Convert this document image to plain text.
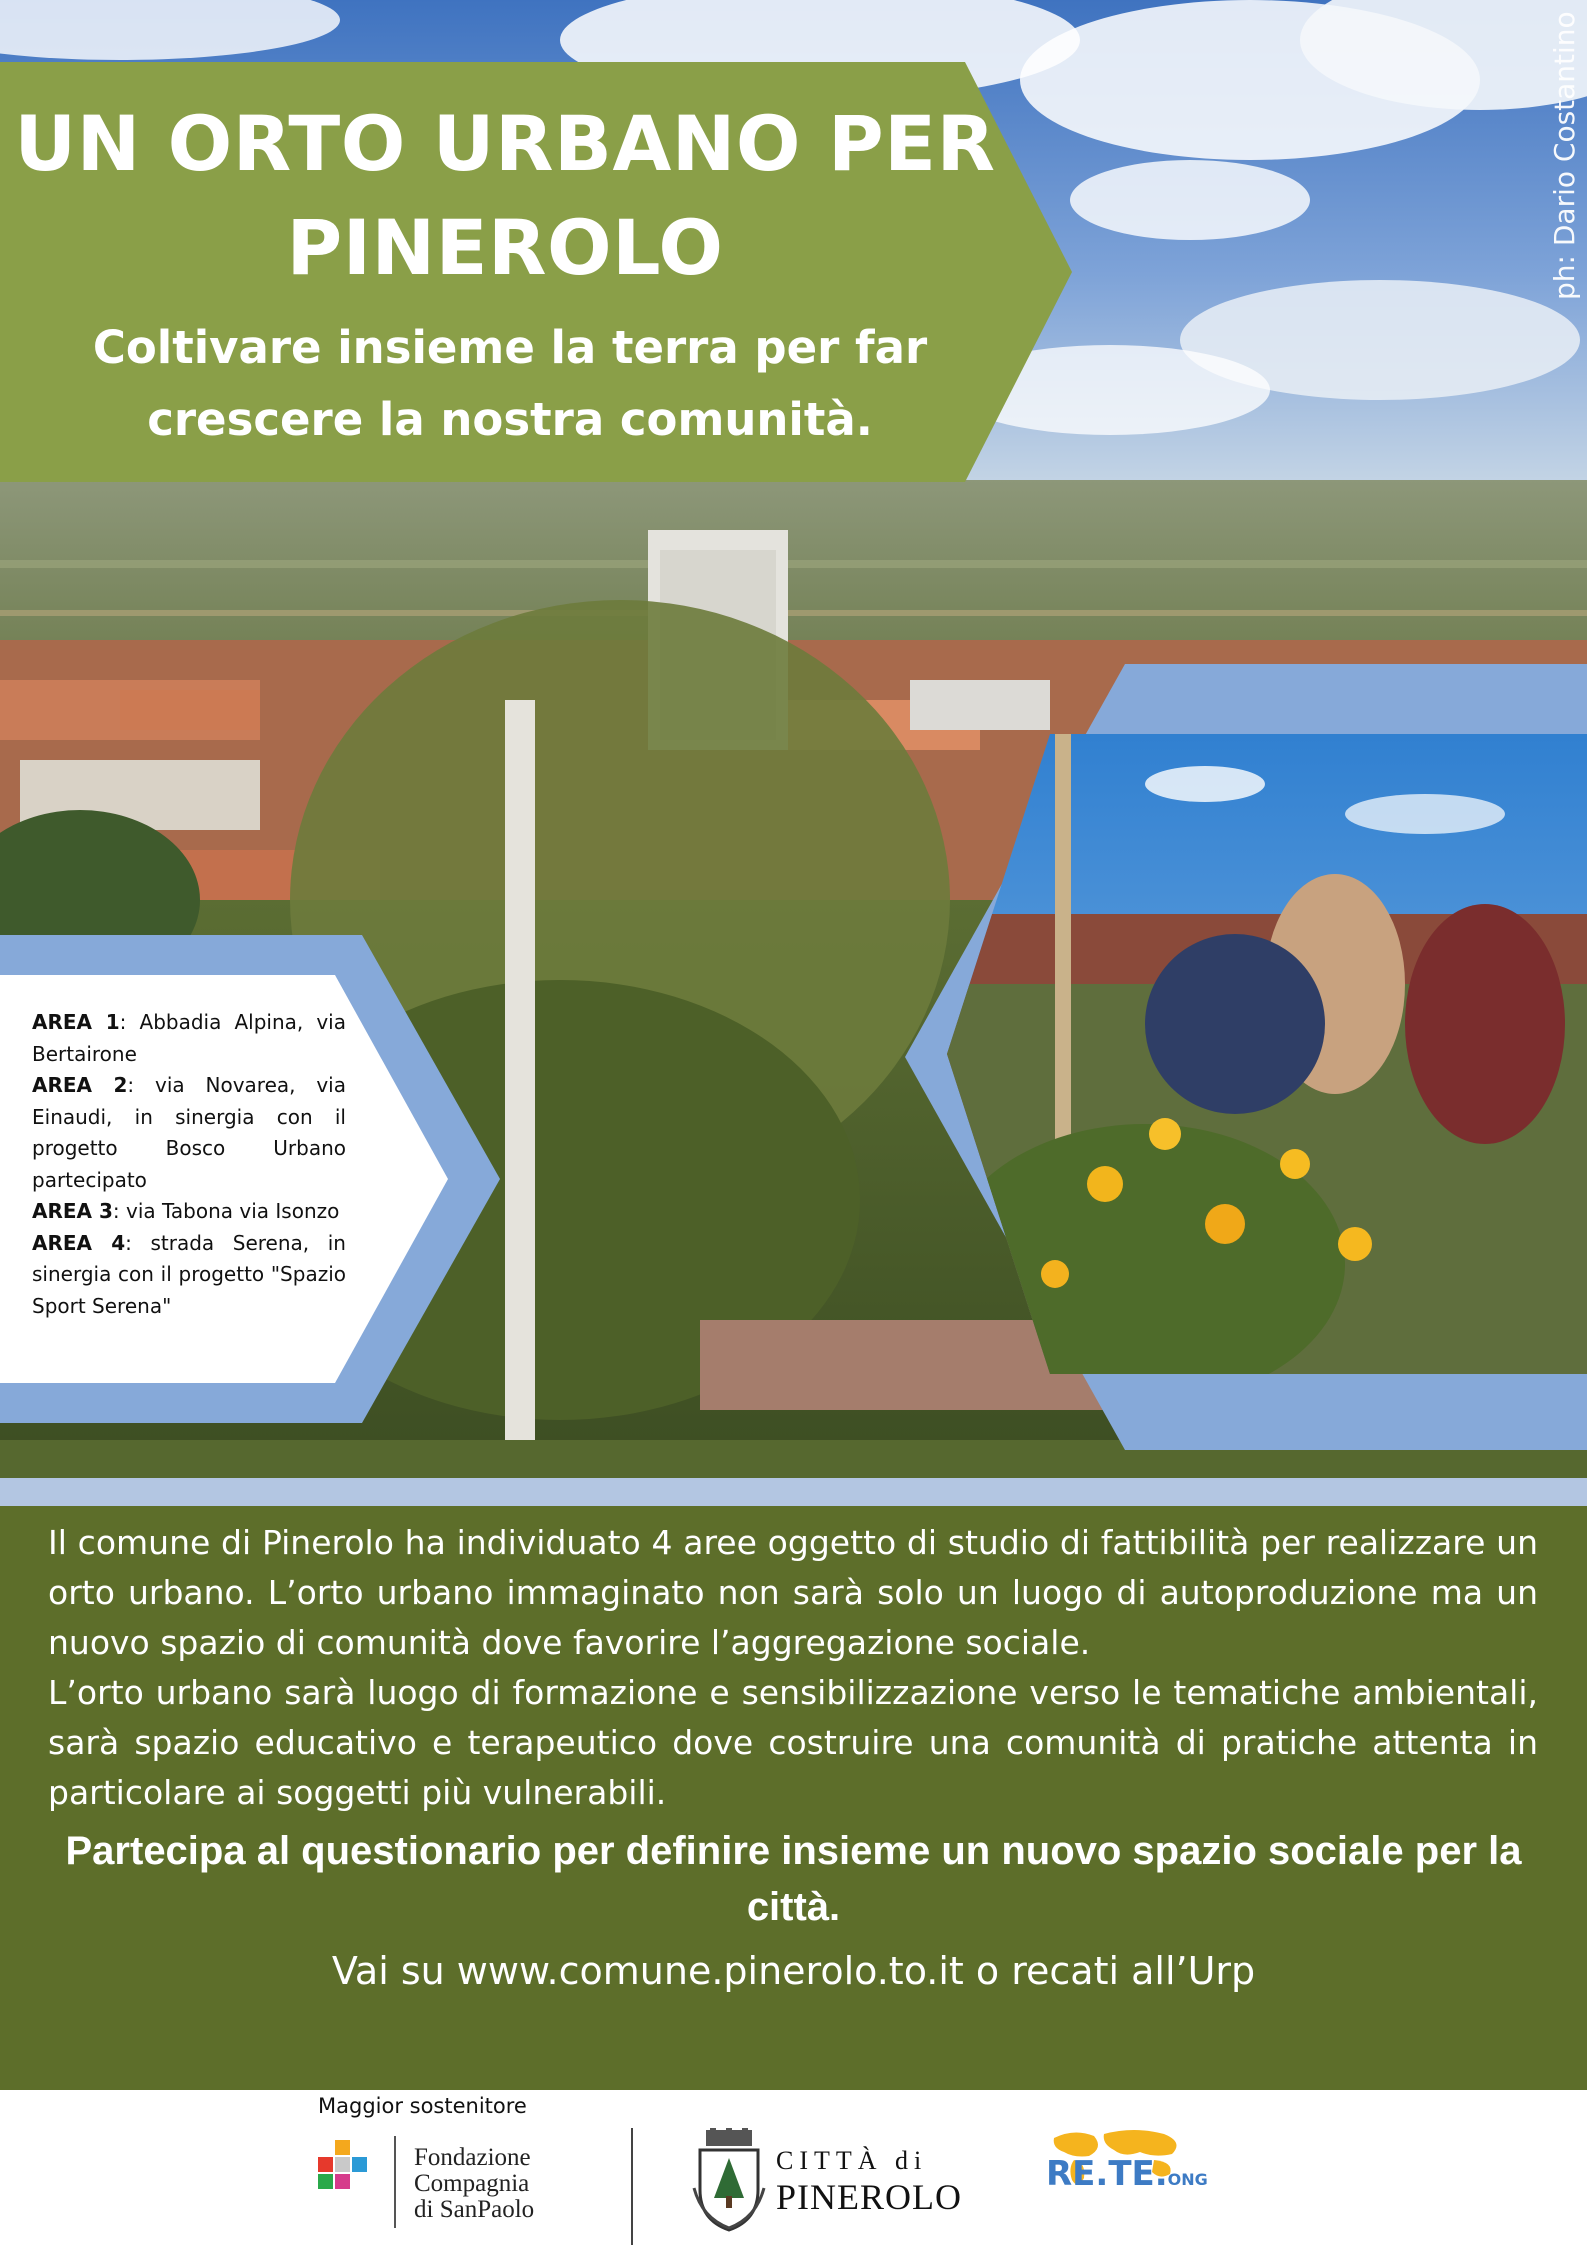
UN ORTO URBANO PER PINEROLO
Coltivare insieme la terra per far crescere la nostra comunità.
ph: Dario Costantino
AREA 1: Abbadia Alpina, via Bertairone
AREA 2: via Novarea, via Einaudi, in sinergia con il progetto Bosco Urbano partecipato
AREA 3: via Tabona via Isonzo
AREA 4: strada Serena, in sinergia con il progetto "Spazio Sport Serena"

Il comune di Pinerolo ha individuato 4 aree oggetto di studio di fattibilità per realizzare un orto urbano. L’orto urbano immaginato non sarà solo un luogo di autoproduzione ma un nuovo spazio di comunità dove favorire l’aggregazione sociale.

L’orto urbano sarà luogo di formazione e sensibilizzazione verso le tematiche ambientali, sarà spazio educativo e terapeutico dove costruire una comunità di pratiche attenta in particolare ai soggetti più vulnerabili.

Partecipa al questionario per definire insieme un nuovo spazio sociale per la città.
Vai su www.comune.pinerolo.to.it o recati all’Urp
Maggior sostenitore
Fondazione
Compagnia
di SanPaolo
CITTÀ di
PINEROLO
RE.TE.ONG
